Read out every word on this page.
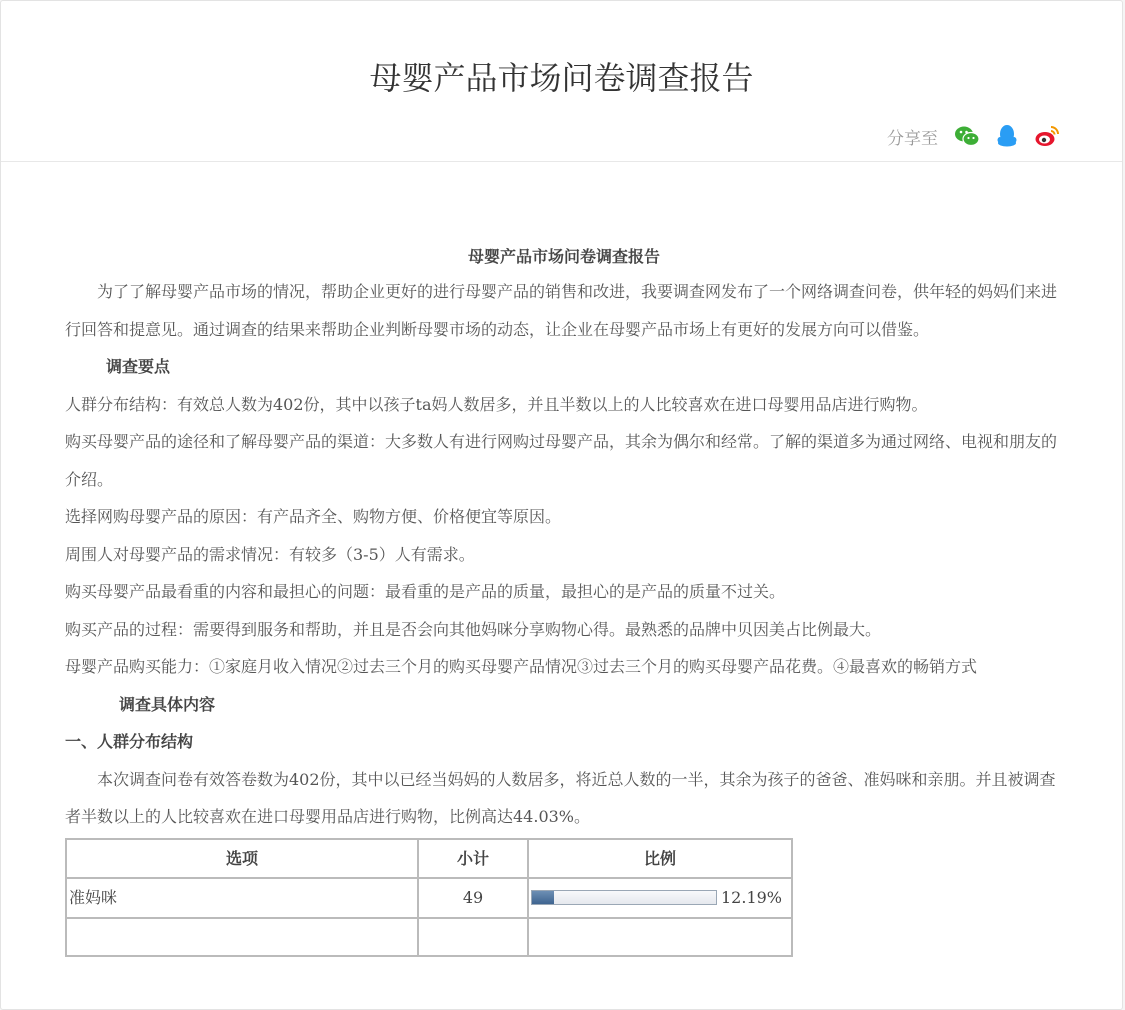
母婴产品市场问卷调查报告
分享至

母婴产品市场问卷调查报告

为了了解母婴产品市场的情况，帮助企业更好的进行母婴产品的销售和改进，我要调查网发布了一个网络调查问卷，供年轻的妈妈们来进行回答和提意见。通过调查的结果来帮助企业判断母婴市场的动态，让企业在母婴产品市场上有更好的发展方向可以借鉴。

调查要点

人群分布结构：有效总人数为402份，其中以孩子ta妈人数居多，并且半数以上的人比较喜欢在进口母婴用品店进行购物。

购买母婴产品的途径和了解母婴产品的渠道：大多数人有进行网购过母婴产品，其余为偶尔和经常。了解的渠道多为通过网络、电视和朋友的介绍。

选择网购母婴产品的原因：有产品齐全、购物方便、价格便宜等原因。

周围人对母婴产品的需求情况：有较多（3-5）人有需求。

购买母婴产品最看重的内容和最担心的问题：最看重的是产品的质量，最担心的是产品的质量不过关。

购买产品的过程：需要得到服务和帮助，并且是否会向其他妈咪分享购物心得。最熟悉的品牌中贝因美占比例最大。

母婴产品购买能力：①家庭月收入情况②过去三个月的购买母婴产品情况③过去三个月的购买母婴产品花费。④最喜欢的畅销方式

调查具体内容

一、人群分布结构

本次调查问卷有效答卷数为402份，其中以已经当妈妈的人数居多，将近总人数的一半，其余为孩子的爸爸、准妈咪和亲朋。并且被调查者半数以上的人比较喜欢在进口母婴用品店进行购物，比例高达44.03%。

选项	小计	比例
准妈咪	49	12.19%
